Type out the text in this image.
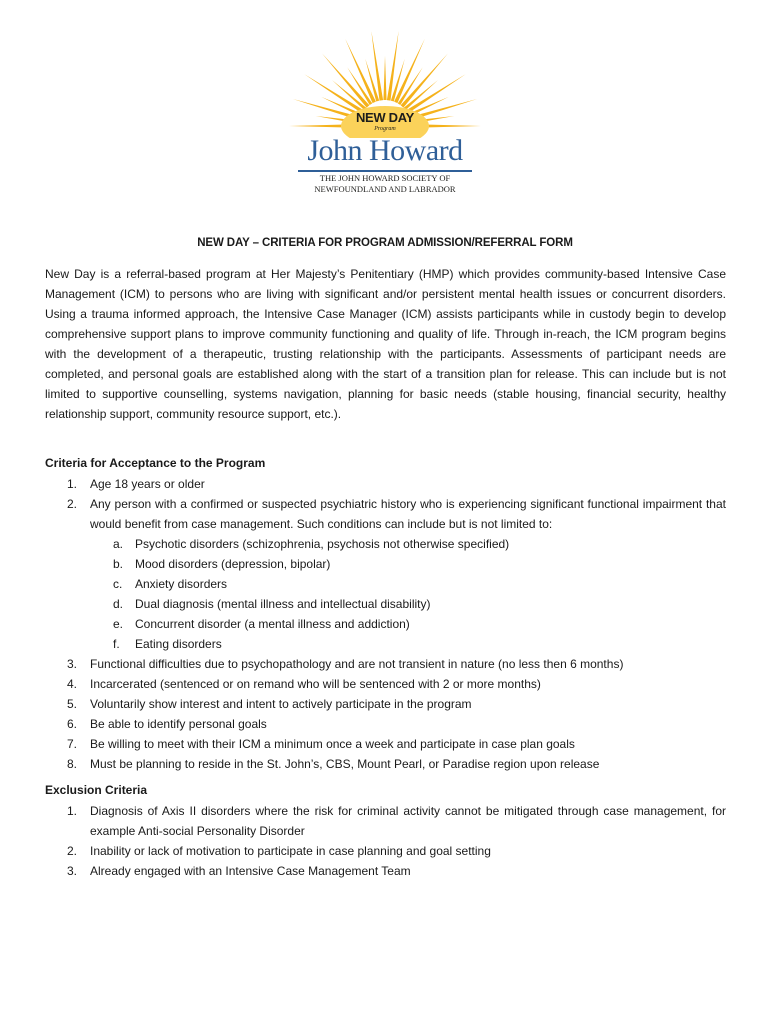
NEW DAY
Program
John Howard
THE JOHN HOWARD SOCIETY OF
NEWFOUNDLAND AND LABRADOR
NEW DAY – CRITERIA FOR PROGRAM ADMISSION/REFERRAL FORM

New Day is a referral-based program at Her Majesty’s Penitentiary (HMP) which provides community-based Intensive Case Management (ICM) to persons who are living with significant and/or persistent mental health issues or concurrent disorders. Using a trauma informed approach, the Intensive Case Manager (ICM) assists participants while in custody begin to develop comprehensive support plans to improve community functioning and quality of life. Through in-reach, the ICM program begins with the development of a therapeutic, trusting relationship with the participants. Assessments of participant needs are completed, and personal goals are established along with the start of a transition plan for release. This can include but is not limited to supportive counselling, systems navigation, planning for basic needs (stable housing, financial security, healthy relationship support, community resource support, etc.).

Criteria for Acceptance to the Program
1. Age 18 years or older
2. Any person with a confirmed or suspected psychiatric history who is experiencing significant functional impairment that would benefit from case management. Such conditions can include but is not limited to:
a. Psychotic disorders (schizophrenia, psychosis not otherwise specified)
b. Mood disorders (depression, bipolar)
c. Anxiety disorders
d. Dual diagnosis (mental illness and intellectual disability)
e. Concurrent disorder (a mental illness and addiction)
f. Eating disorders
3. Functional difficulties due to psychopathology and are not transient in nature (no less then 6 months)
4. Incarcerated (sentenced or on remand who will be sentenced with 2 or more months)
5. Voluntarily show interest and intent to actively participate in the program
6. Be able to identify personal goals
7. Be willing to meet with their ICM a minimum once a week and participate in case plan goals
8. Must be planning to reside in the St. John’s, CBS, Mount Pearl, or Paradise region upon release
Exclusion Criteria
1. Diagnosis of Axis II disorders where the risk for criminal activity cannot be mitigated through case management, for example Anti-social Personality Disorder
2. Inability or lack of motivation to participate in case planning and goal setting
3. Already engaged with an Intensive Case Management Team
